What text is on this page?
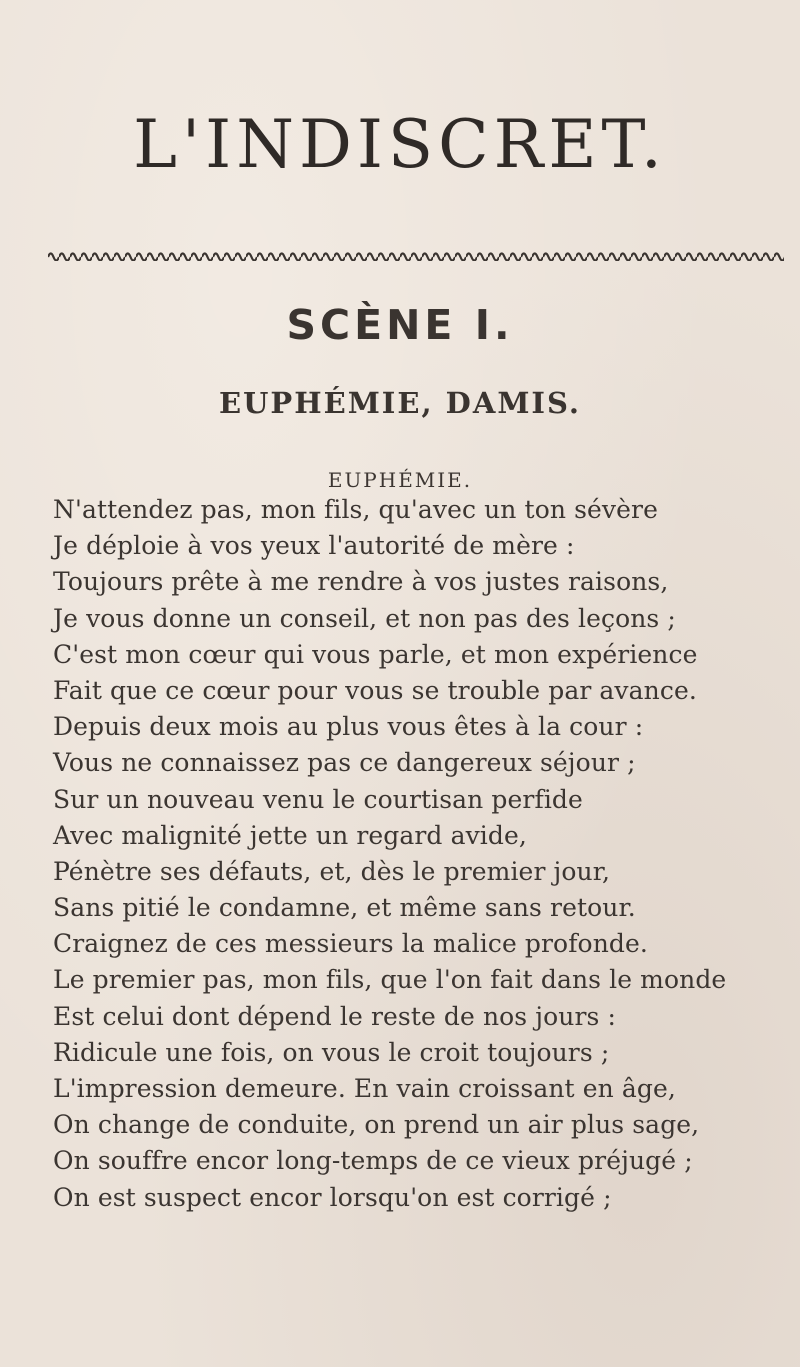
L'INDISCRET.
SCÈNE I.
EUPHÉMIE, DAMIS.
EUPHÉMIE.
N'attendez pas, mon fils, qu'avec un ton sévère
Je déploie à vos yeux l'autorité de mère :
Toujours prête à me rendre à vos justes raisons,
Je vous donne un conseil, et non pas des leçons ;
C'est mon cœur qui vous parle, et mon expérience
Fait que ce cœur pour vous se trouble par avance.
Depuis deux mois au plus vous êtes à la cour :
Vous ne connaissez pas ce dangereux séjour ;
Sur un nouveau venu le courtisan perfide
Avec malignité jette un regard avide,
Pénètre ses défauts, et, dès le premier jour,
Sans pitié le condamne, et même sans retour.
Craignez de ces messieurs la malice profonde.
Le premier pas, mon fils, que l'on fait dans le monde
Est celui dont dépend le reste de nos jours :
Ridicule une fois, on vous le croit toujours ;
L'impression demeure. En vain croissant en âge,
On change de conduite, on prend un air plus sage,
On souffre encor long-temps de ce vieux préjugé ;
On est suspect encor lorsqu'on est corrigé ;
